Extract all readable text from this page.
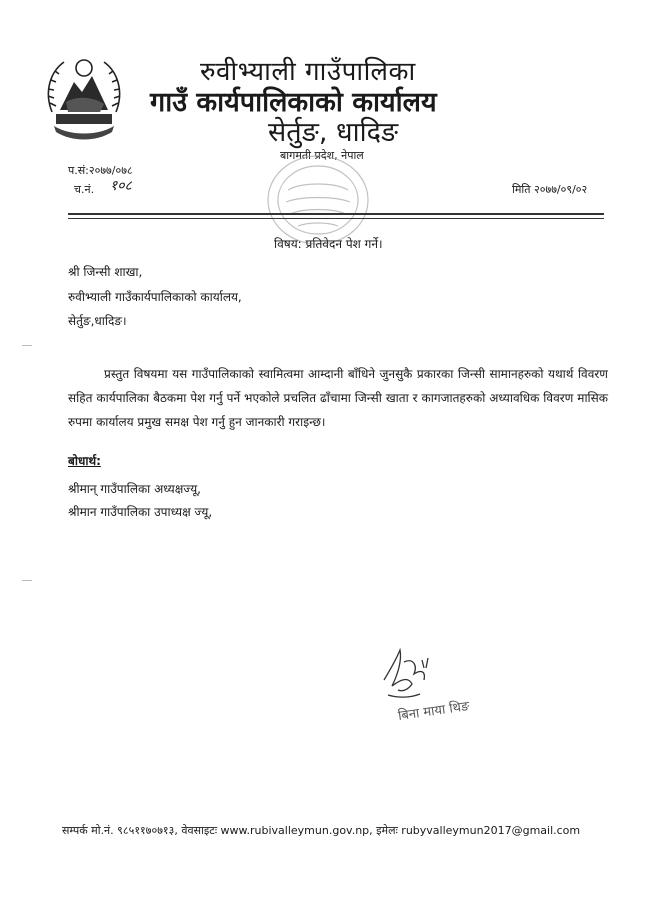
रुवीभ्याली गाउँपालिका
गाउँ कार्यपालिकाको कार्यालय
सेर्तुङ, धादिङ
बागमती प्रदेश, नेपाल
प.सं:२०७७/०७८
च.नं. १०८	मिति २०७७/०९/०२
विषय: प्रतिवेदन पेश गर्ने।
श्री जिन्सी शाखा,
रुवीभ्याली गाउँकार्यपालिकाको कार्यालय,
सेर्तुङ,धादिङ।
प्रस्तुत विषयमा यस गाउँपालिकाको स्वामित्वमा आम्दानी बाँधिने जुनसुकै प्रकारका जिन्सी सामानहरुको यथार्थ विवरण सहित कार्यपालिका बैठकमा पेश गर्नु पर्ने भएकोले प्रचलित ढाँचामा जिन्सी खाता र कागजातहरुको अध्यावधिक विवरण मासिक रुपमा कार्यालय प्रमुख समक्ष पेश गर्नु हुन जानकारी गराइन्छ।
बोधार्थ:
श्रीमान् गाउँपालिका अध्यक्षज्यू,
श्रीमान गाउँपालिका उपाध्यक्ष ज्यू,
बिना माया थिङ
सम्पर्क मो.नं. ९८५११७०७१३, वेवसाइटः www.rubivalleymun.gov.np, इमेलः rubyvalleymun2017@gmail.com
